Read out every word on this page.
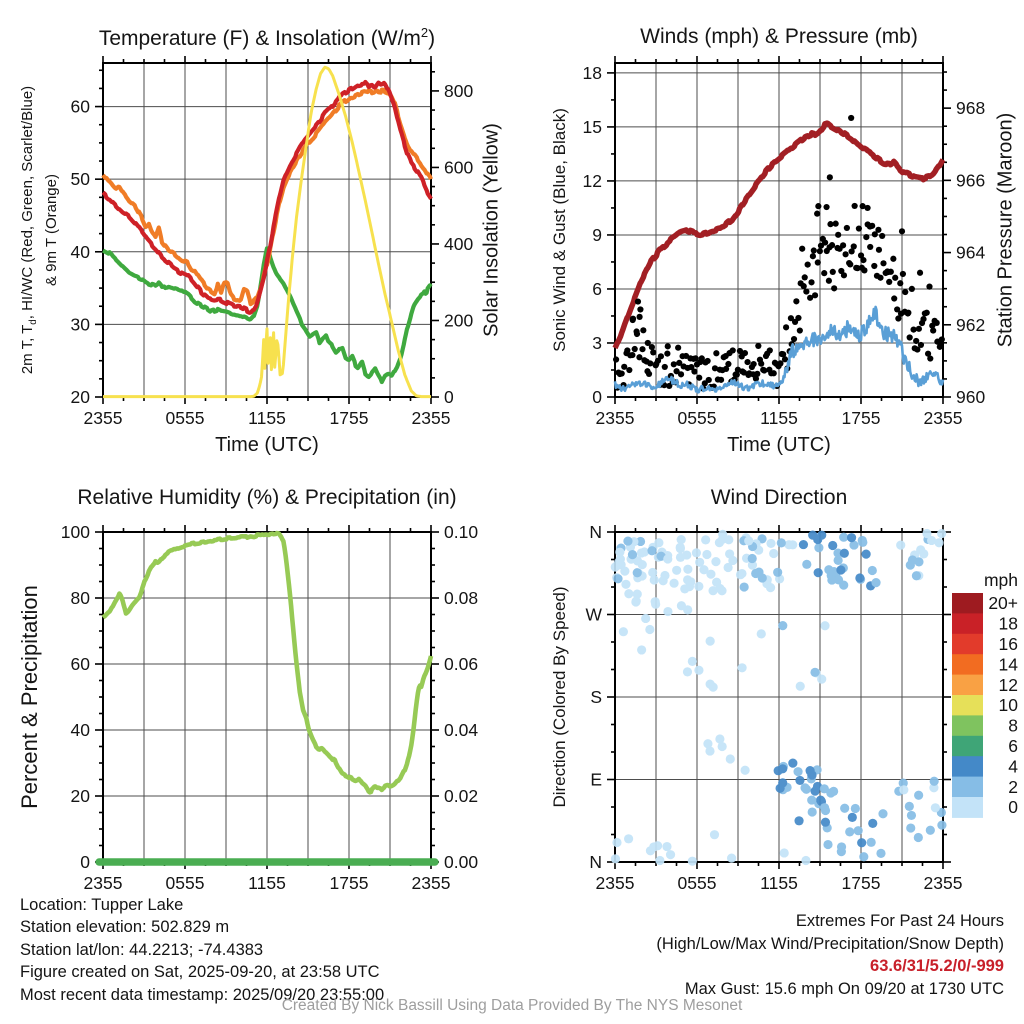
Temperature (F) & Insolation $(W/m^2)$	Winds (mph) & Pressure (mb)
Relative Humidity (%) & Precipitation (in)	Wind Direction
2m T, $T_d$, HI/WC (Red, Green, Scarlet/Blue) & 9m T (Orange)	Solar Insolation (Yellow)
Time (UTC)
Sonic Wind & Gust (Blue, Black)	Station Pressure (Maroon)
Time (UTC)
Percent & Precipitation	Direction (Colored By Speed)
2355 0555 1155 1755 2355
20
30
40
50
60
0
200
400
600
800
2355 0555 1155 1755 2355
0
3
6
9
12
15
18
960
962
964
966
968
2355 0555 1155 1755 2355
0
20
40
60
80
100
0.00
0.02
0.04
0.06
0.08
0.10
2355 0555 1155 1755 2355
N
E
S
W
N
mph
20+
18
16
14
12
10
8
6
4
2
0
Location: Tupper Lake
Station elevation: 502.829 m
Station lat/lon: 44.2213; -74.4383
Figure created on Sat, 2025-09-20, at 23:58 UTC
Most recent data timestamp: 2025/09/20 23:55:00
Extremes For Past 24 Hours
(High/Low/Max Wind/Precipitation/Snow Depth)
63.6/31/5.2/0/-999
Max Gust: 15.6 mph On 09/20 at 1730 UTC
Created By Nick Bassill Using Data Provided By The NYS Mesonet
